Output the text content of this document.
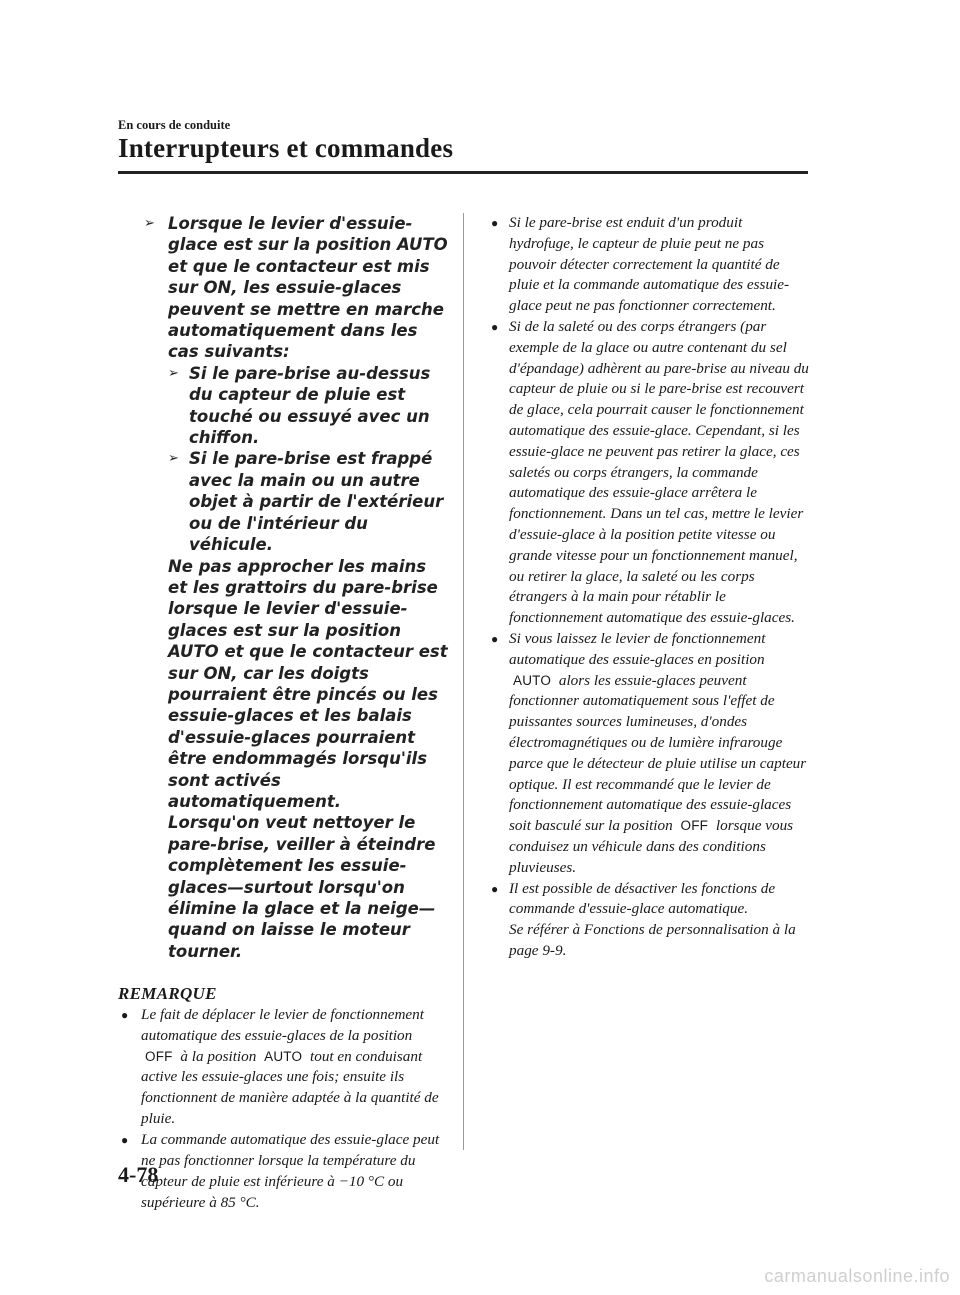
En cours de conduite
Interrupteurs et commandes
➢ Lorsque le levier d'essuie-glace est sur la position AUTO et que le contacteur est mis sur ON, les essuie-glaces peuvent se mettre en marche automatiquement dans les cas suivants:
➢ Si le pare-brise au-dessus du capteur de pluie est touché ou essuyé avec un chiffon.
➢ Si le pare-brise est frappé avec la main ou un autre objet à partir de l'extérieur ou de l'intérieur du véhicule.
Ne pas approcher les mains et les grattoirs du pare-brise lorsque le levier d'essuie-glaces est sur la position AUTO et que le contacteur est sur ON, car les doigts pourraient être pincés ou les essuie-glaces et les balais d'essuie-glaces pourraient être endommagés lorsqu'ils sont activés automatiquement.
Lorsqu'on veut nettoyer le pare-brise, veiller à éteindre complètement les essuie-glaces—surtout lorsqu'on élimine la glace et la neige—quand on laisse le moteur tourner.
REMARQUE
● Le fait de déplacer le levier de fonctionnement automatique des essuie-glaces de la position OFF à la position AUTO tout en conduisant active les essuie-glaces une fois; ensuite ils fonctionnent de manière adaptée à la quantité de pluie.
● La commande automatique des essuie-glace peut ne pas fonctionner lorsque la température du capteur de pluie est inférieure à −10 °C ou supérieure à 85 °C.
● Si le pare-brise est enduit d'un produit hydrofuge, le capteur de pluie peut ne pas pouvoir détecter correctement la quantité de pluie et la commande automatique des essuie-glace peut ne pas fonctionner correctement.
● Si de la saleté ou des corps étrangers (par exemple de la glace ou autre contenant du sel d'épandage) adhèrent au pare-brise au niveau du capteur de pluie ou si le pare-brise est recouvert de glace, cela pourrait causer le fonctionnement automatique des essuie-glace. Cependant, si les essuie-glace ne peuvent pas retirer la glace, ces saletés ou corps étrangers, la commande automatique des essuie-glace arrêtera le fonctionnement. Dans un tel cas, mettre le levier d'essuie-glace à la position petite vitesse ou grande vitesse pour un fonctionnement manuel, ou retirer la glace, la saleté ou les corps étrangers à la main pour rétablir le fonctionnement automatique des essuie-glaces.
● Si vous laissez le levier de fonctionnement automatique des essuie-glaces en position AUTO alors les essuie-glaces peuvent fonctionner automatiquement sous l'effet de puissantes sources lumineuses, d'ondes électromagnétiques ou de lumière infrarouge parce que le détecteur de pluie utilise un capteur optique. Il est recommandé que le levier de fonctionnement automatique des essuie-glaces soit basculé sur la position OFF lorsque vous conduisez un véhicule dans des conditions pluvieuses.
● Il est possible de désactiver les fonctions de commande d'essuie-glace automatique.
Se référer à Fonctions de personnalisation à la page 9-9.
4-78
carmanualsonline.info
